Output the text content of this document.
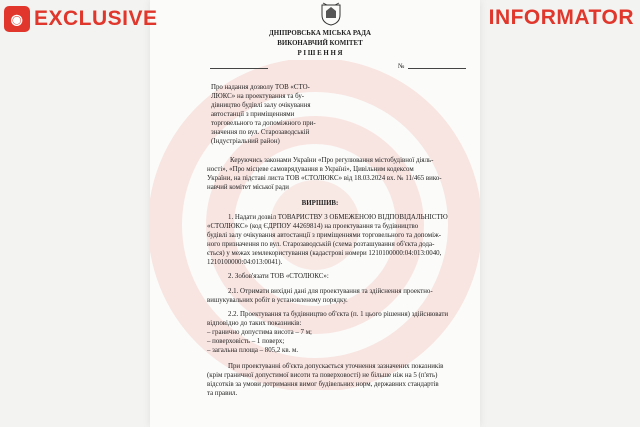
◉ EXCLUSIVE	INFORMATOR
ДНІПРОВСЬКА МІСЬКА РАДА
ВИКОНАВЧИЙ КОМІТЕТ
Р І Ш Е Н Н Я
№
Про надання дозволу ТОВ «СТО-
ЛЮКС» на проектування та бу-
дівництво будівлі залу очікування
автостанції з приміщеннями
торговельного та допоміжного при-
значення по вул. Старозаводській
(Індустріальний район)
Керуючись законами України «Про регулювання містобудівної діяль-
ності», «Про місцеве самоврядування в Україні», Цивільним кодексом
України, на підставі листа ТОВ «СТОЛЮКС» від 18.03.2024 вх. № 11/465 вико-
навчий комітет міської ради
ВИРІШИВ:
1. Надати дозвіл ТОВАРИСТВУ З ОБМЕЖЕНОЮ ВІДПОВІДАЛЬНІСТЮ
«СТОЛЮКС» (код ЄДРПОУ 44269814) на проектування та будівництво
будівлі залу очікування автостанції з приміщеннями торговельного та допоміж-
ного призначення по вул. Старозаводській (схема розташування об'єкта дода-
ється) у межах землекористування (кадастрові номери 1210100000:04:013:0040,
1210100000:04:013:0041).
2. Зобов'язати ТОВ «СТОЛЮКС»:
2.1. Отримати вихідні дані для проектування та здійснення проектно-
вишукувальних робіт в установленому порядку.
2.2. Проектування та будівництво об'єкта (п. 1 цього рішення) здійснювати
відповідно до таких показників:
– гранично допустима висота – 7 м;
– поверховість – 1 поверх;
– загальна площа – 805,2 кв. м.
При проектуванні об'єкта допускається уточнення зазначених показників
(крім граничної допустимої висоти та поверховості) не більше ніж на 5 (п'ять)
відсотків за умови дотримання вимог будівельних норм, державних стандартів
та правил.
